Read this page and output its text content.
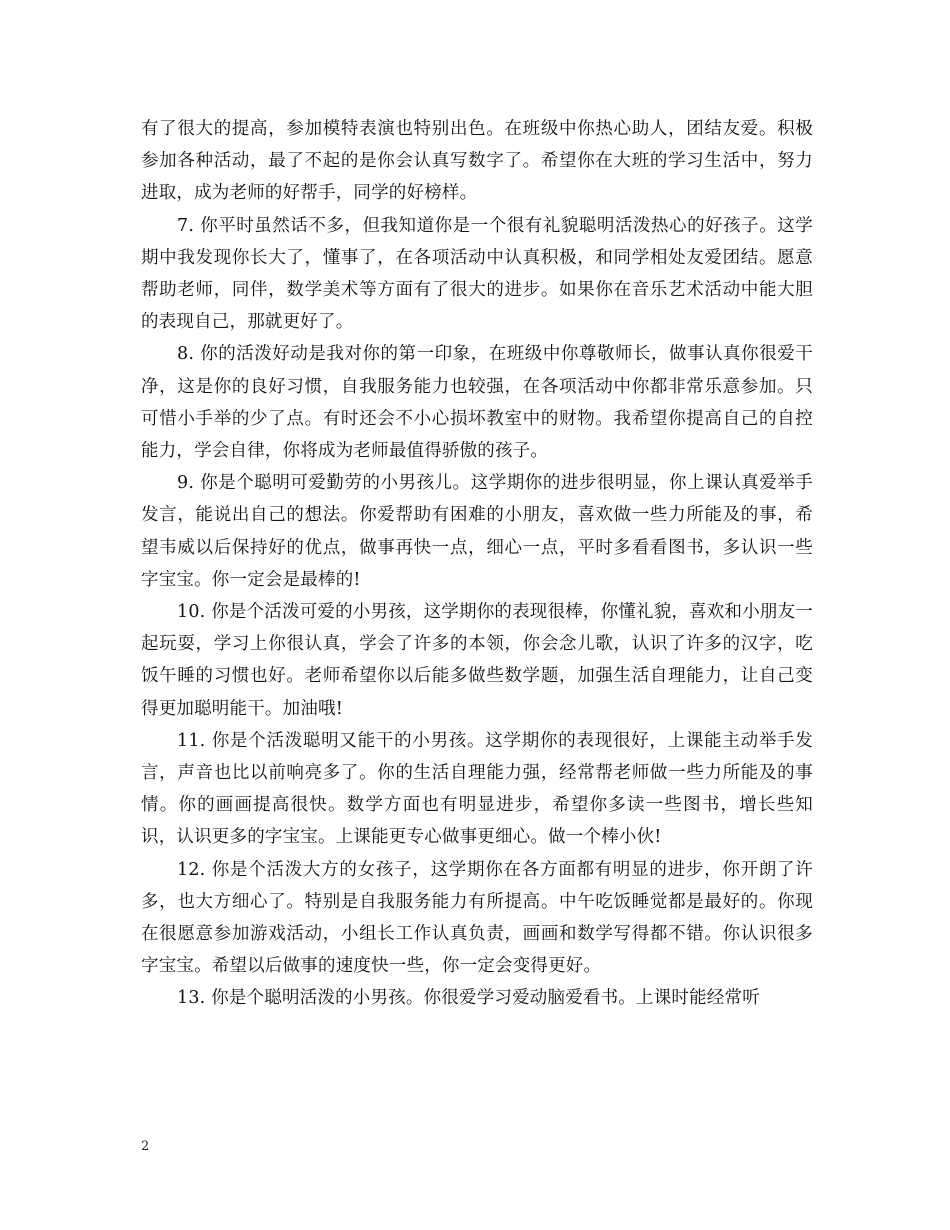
有了很大的提高，参加模特表演也特别出色。在班级中你热心助人，团结友爱。积极参加各种活动，最了不起的是你会认真写数字了。希望你在大班的学习生活中，努力进取，成为老师的好帮手，同学的好榜样。

7. 你平时虽然话不多，但我知道你是一个很有礼貌聪明活泼热心的好孩子。这学期中我发现你长大了，懂事了，在各项活动中认真积极，和同学相处友爱团结。愿意帮助老师，同伴，数学美术等方面有了很大的进步。如果你在音乐艺术活动中能大胆的表现自己，那就更好了。

8. 你的活泼好动是我对你的第一印象，在班级中你尊敬师长，做事认真你很爱干净，这是你的良好习惯，自我服务能力也较强，在各项活动中你都非常乐意参加。只可惜小手举的少了点。有时还会不小心损坏教室中的财物。我希望你提高自己的自控能力，学会自律，你将成为老师最值得骄傲的孩子。

9. 你是个聪明可爱勤劳的小男孩儿。这学期你的进步很明显，你上课认真爱举手发言，能说出自己的想法。你爱帮助有困难的小朋友，喜欢做一些力所能及的事，希望韦威以后保持好的优点，做事再快一点，细心一点，平时多看看图书，多认识一些字宝宝。你一定会是最棒的!

10. 你是个活泼可爱的小男孩，这学期你的表现很棒，你懂礼貌，喜欢和小朋友一起玩耍，学习上你很认真，学会了许多的本领，你会念儿歌，认识了许多的汉字，吃饭午睡的习惯也好。老师希望你以后能多做些数学题，加强生活自理能力，让自己变得更加聪明能干。加油哦!

11. 你是个活泼聪明又能干的小男孩。这学期你的表现很好，上课能主动举手发言，声音也比以前响亮多了。你的生活自理能力强，经常帮老师做一些力所能及的事情。你的画画提高很快。数学方面也有明显进步，希望你多读一些图书，增长些知识，认识更多的字宝宝。上课能更专心做事更细心。做一个棒小伙!

12. 你是个活泼大方的女孩子，这学期你在各方面都有明显的进步，你开朗了许多，也大方细心了。特别是自我服务能力有所提高。中午吃饭睡觉都是最好的。你现在很愿意参加游戏活动，小组长工作认真负责，画画和数学写得都不错。你认识很多字宝宝。希望以后做事的速度快一些，你一定会变得更好。

13. 你是个聪明活泼的小男孩。你很爱学习爱动脑爱看书。上课时能经常听

2
